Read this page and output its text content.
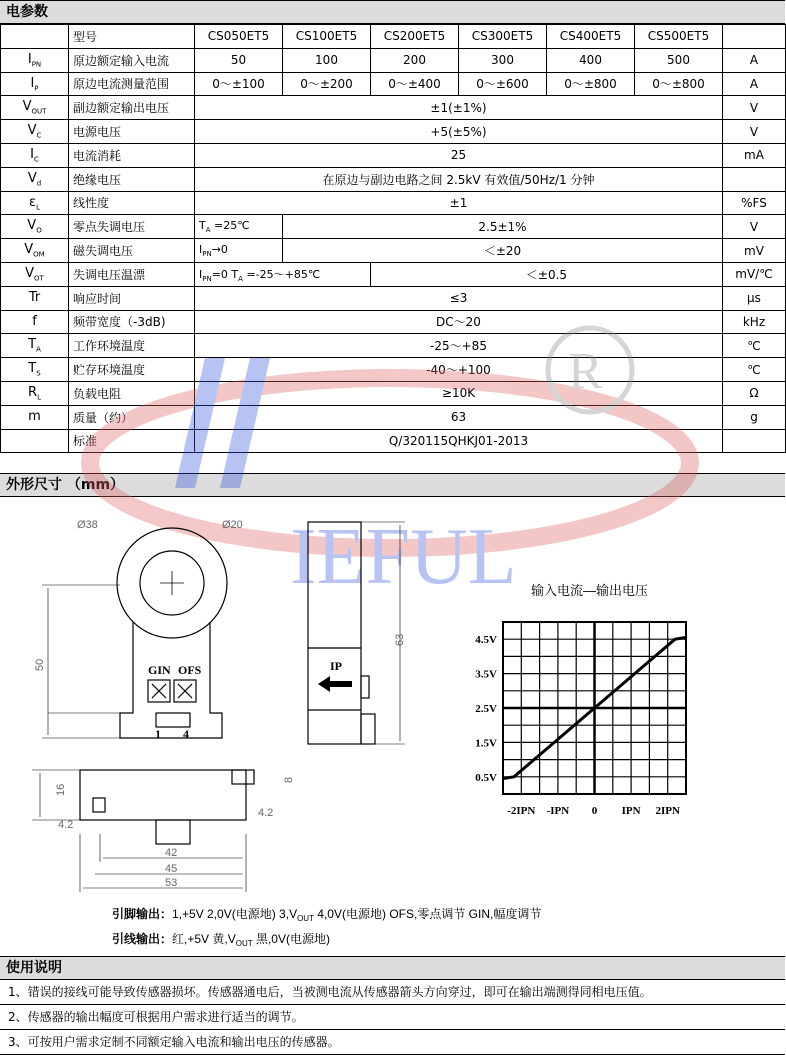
电参数
	型号	CS050ET5	CS100ET5	CS200ET5	CS300ET5	CS400ET5	CS500ET5	
$I_{PN}$	原边额定输入电流	50	100	200	300	400	500	A
$I_P$	原边电流测量范围	0～±100	0～±200	0～±400	0～±600	0～±800	0～±800	A
$V_{OUT}$	副边额定输出电压	±1(±1%)						V
$V_C$	电源电压	+5(±5%)						V
$I_C$	电流消耗	25						mA
$V_d$	绝缘电压	在原边与副边电路之间 2.5kV 有效值/50Hz/1 分钟						
$\varepsilon_L$	线性度	±1						%FS
$V_O$	零点失调电压	$T_A$ =25℃	2.5±1%					V
$V_{OM}$	磁失调电压	$I_{PN}\to 0$	＜±20					mV
$V_{OT}$	失调电压温漂	$I_{PN}=0$ $T_A$ =-25～+85℃		＜±0.5				mV/℃
Tr	响应时间	≤3						μs
f	频带宽度（-3dB)	DC～20						kHz
$T_A$	工作环境温度	-25～+85						℃
$T_S$	贮存环境温度	-40～+100						℃
$R_L$	负载电阻	≥10K						Ω
m	质量（约）	63						g
	标准	Q/320115QHKJ01-2013						
外形尺寸 （mm）
IEFUL
R
Ø38	Ø20
50	GIN OFS
1 4
IP
63
16
4.2
4.2
8
42
45
53
输入电流—输出电压
-2IPN -IPN 0 IPN 2IPN
0.5V
1.5V
2.5V
3.5V
4.5V
引脚输出：1,+5V 2,0V(电源地) $3,V_{OUT}$ 4,0V(电源地) OFS,零点调节 GIN,幅度调节
引线输出：红,+5V 黄$,V_{OUT}$ 黑,0V(电源地)
使用说明
1、错误的接线可能导致传感器损坏。传感器通电后，当被测电流从传感器箭头方向穿过，即可在输出端测得同相电压值。
2、传感器的输出幅度可根据用户需求进行适当的调节。
3、可按用户需求定制不同额定输入电流和输出电压的传感器。
